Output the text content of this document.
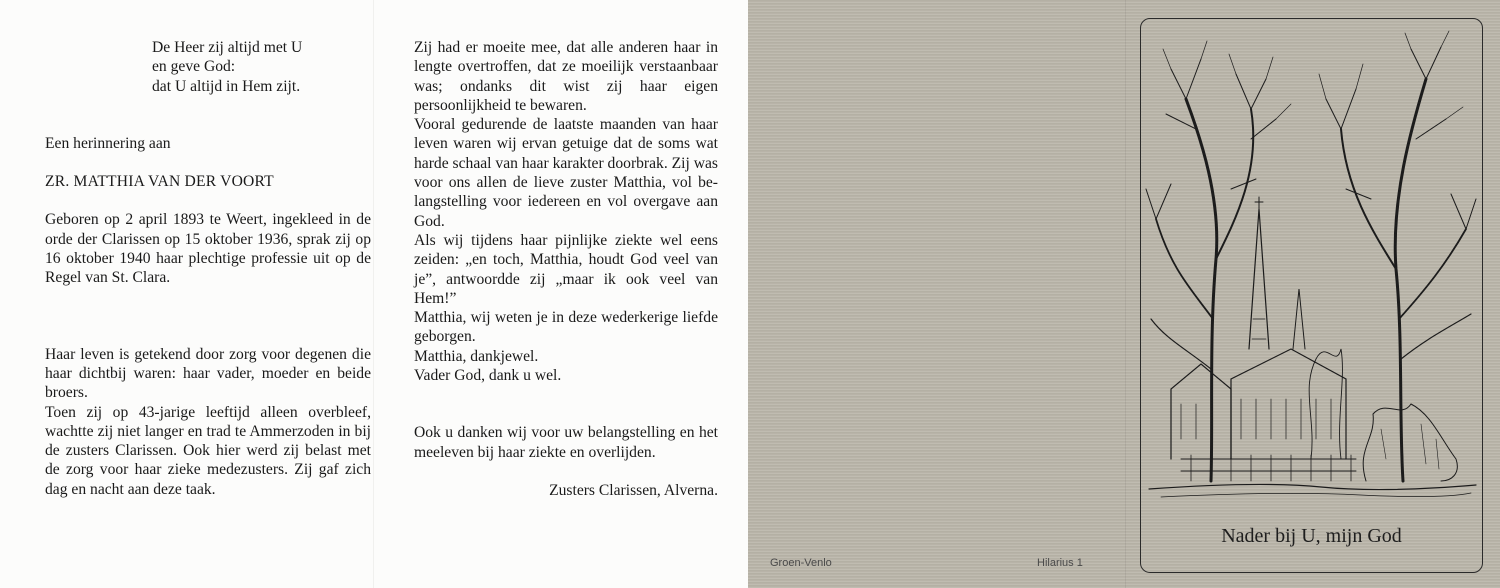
De Heer zij altijd met U

en geve God:

dat U altijd in Hem zijt.

Een herinnering aan

ZR. MATTHIA VAN DER VOORT

Geboren op 2 april 1893 te Weert, ingekleed in de orde der Clarissen op 15 oktober 1936, sprak zij op 16 oktober 1940 haar plechtige professie uit op de Regel van St. Clara.

Haar leven is getekend door zorg voor degenen die haar dichtbij waren: haar vader, moeder en beide broers.

Toen zij op 43-jarige leeftijd alleen overbleef, wachtte zij niet langer en trad te Ammerzoden in bij de zusters Clarissen. Ook hier werd zij belast met de zorg voor haar zieke medezusters. Zij gaf zich dag en nacht aan deze taak.

Zij had er moeite mee, dat alle anderen haar in lengte overtroffen, dat ze moeilijk verstaanbaar was; ondanks dit wist zij haar eigen persoonlijkheid te bewaren.

Vooral gedurende de laatste maanden van haar leven waren wij ervan getuige dat de soms wat harde schaal van haar karakter doorbrak. Zij was voor ons allen de lieve zuster Matthia, vol belangstelling voor iedereen en vol overgave aan God.

Als wij tijdens haar pijnlijke ziekte wel eens zeiden: „en toch, Matthia, houdt God veel van je”, antwoordde zij „maar ik ook veel van Hem!”

Matthia, wij weten je in deze wederkerige liefde geborgen.

Matthia, dankjewel.

Vader God, dank u wel.

Ook u danken wij voor uw belangstelling en het meeleven bij haar ziekte en overlijden.

Zusters Clarissen, Alverna.

Nader bij U, mijn God
Groen-Venlo	Hilarius 1
